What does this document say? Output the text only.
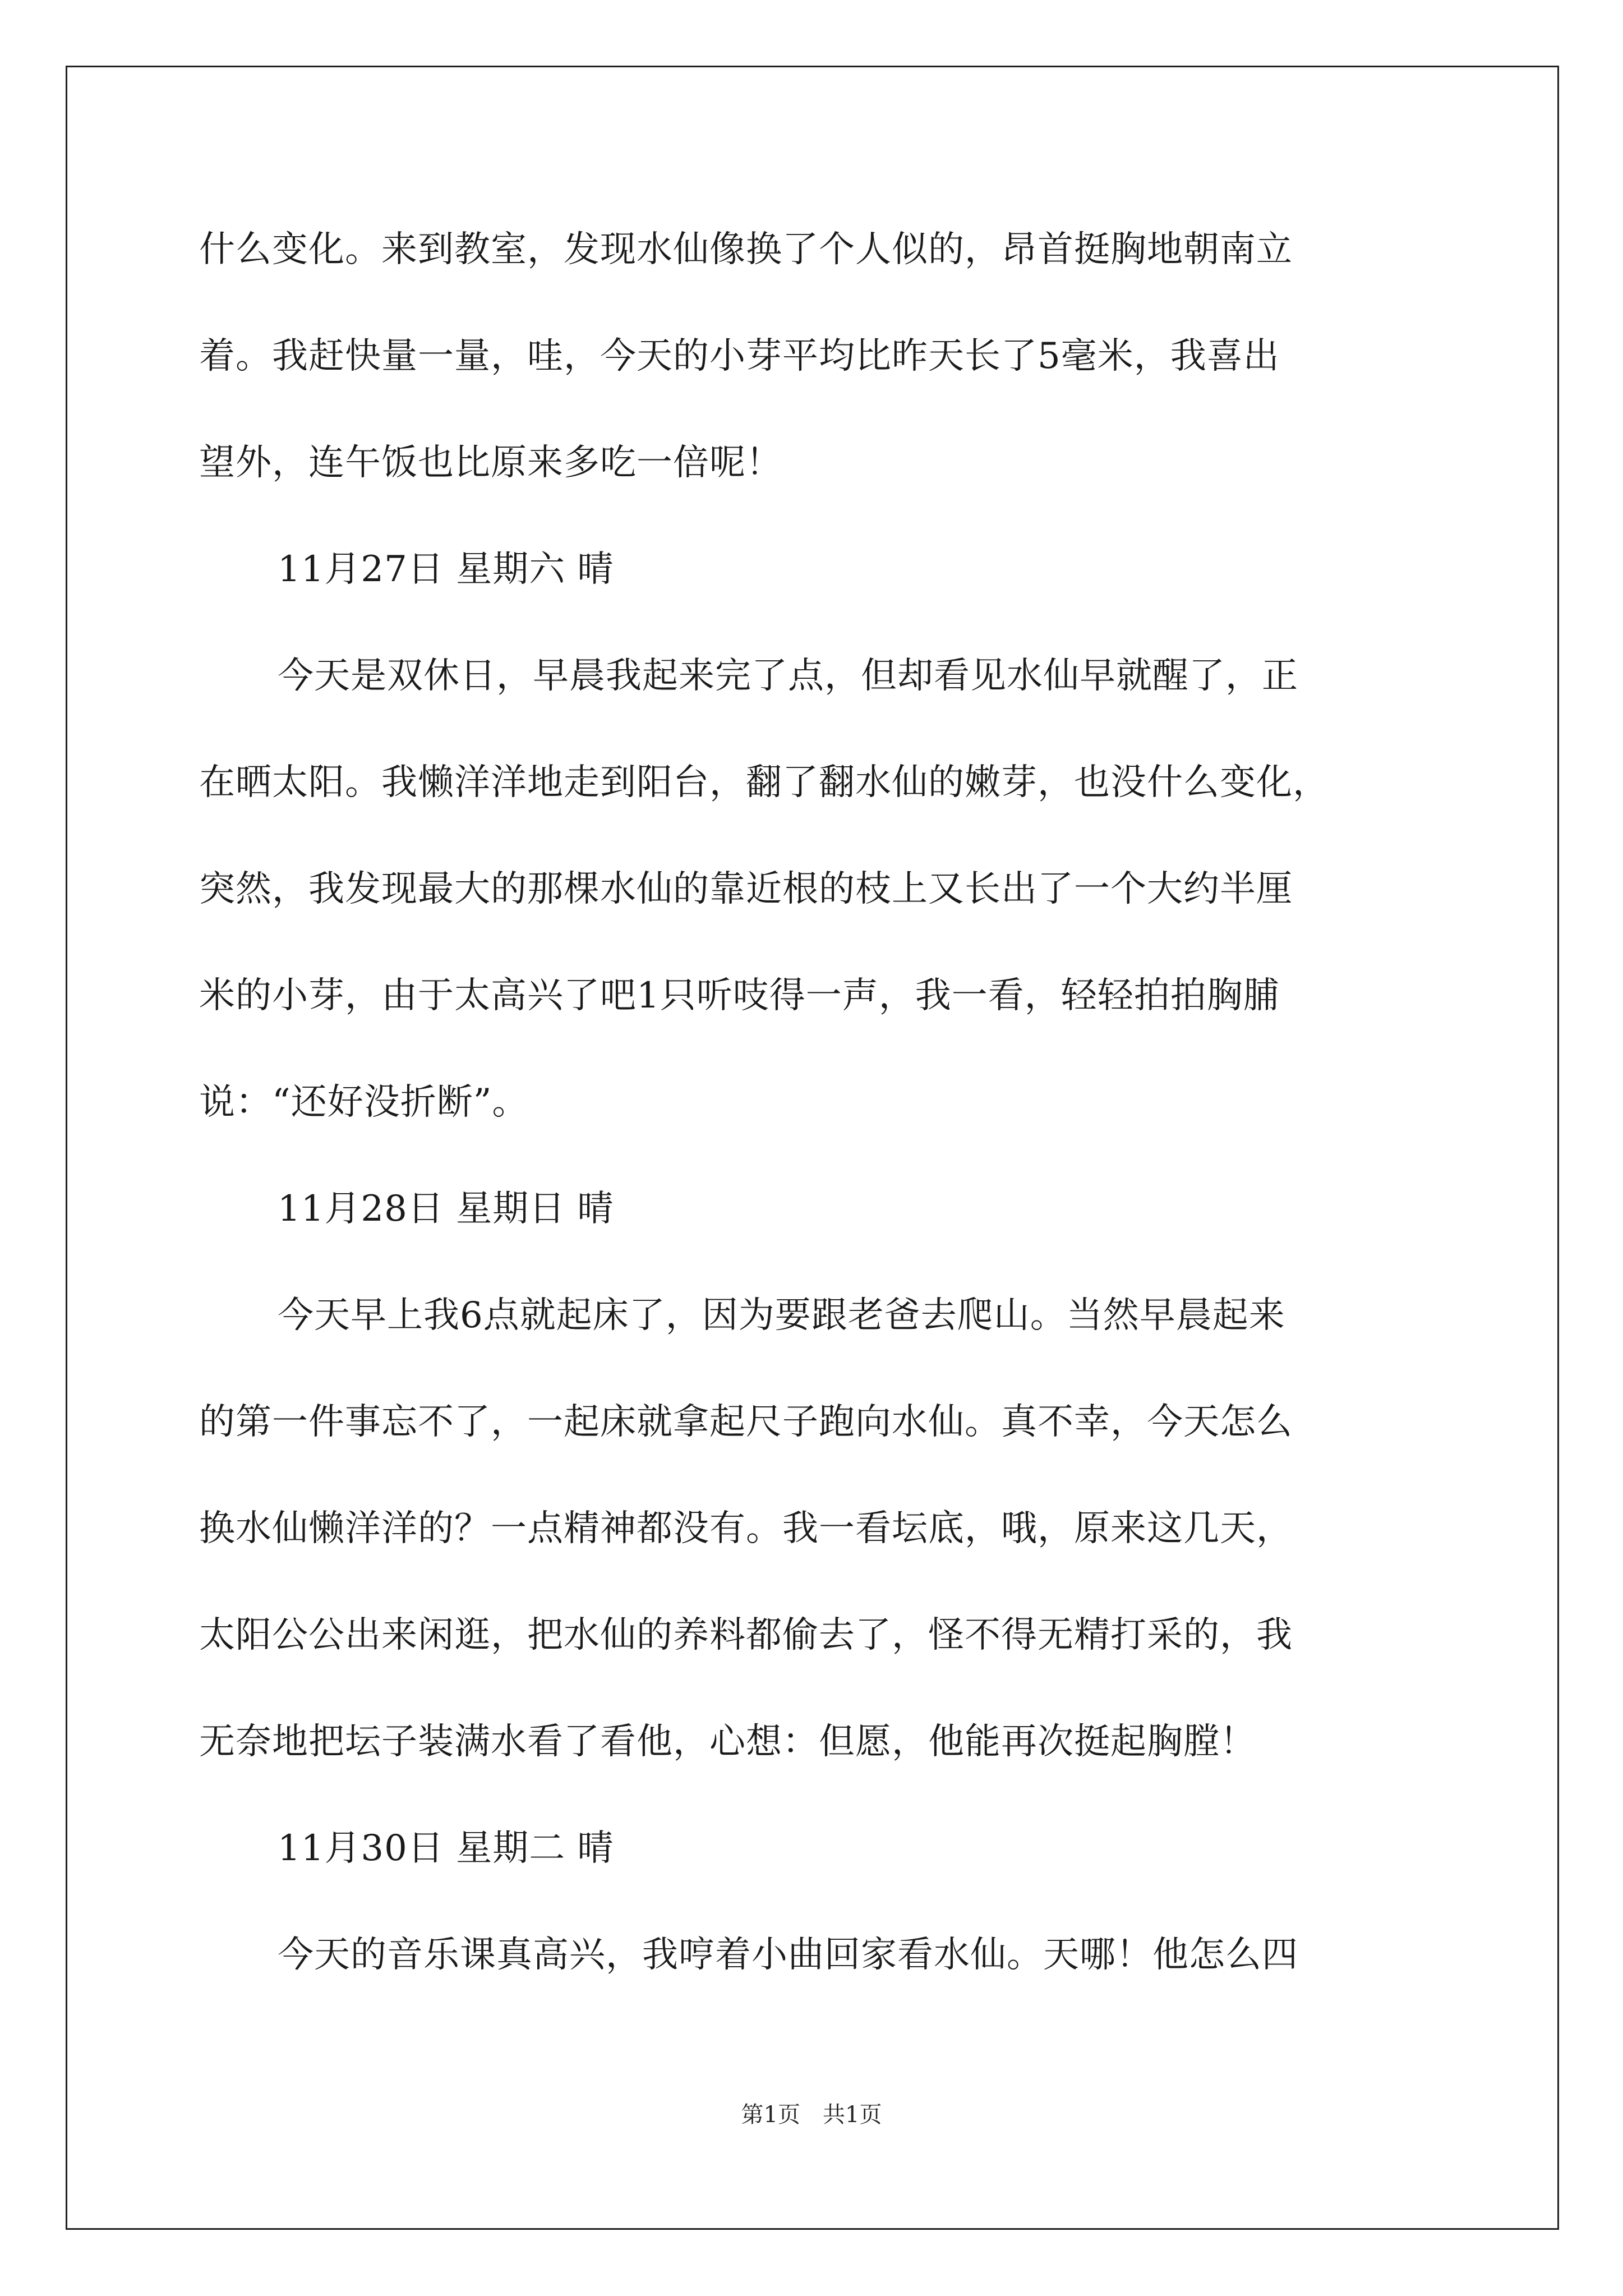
什么变化。来到教室，发现水仙像换了个人似的，昂首挺胸地朝南立
着。我赶快量一量，哇，今天的小芽平均比昨天长了5毫米，我喜出
望外，连午饭也比原来多吃一倍呢！
11月27日 星期六 晴
今天是双休日，早晨我起来完了点，但却看见水仙早就醒了，正
在晒太阳。我懒洋洋地走到阳台，翻了翻水仙的嫩芽，也没什么变化，
突然，我发现最大的那棵水仙的靠近根的枝上又长出了一个大约半厘
米的小芽，由于太高兴了吧1只听吱得一声，我一看，轻轻拍拍胸脯
说：“还好没折断”。
11月28日 星期日 晴
今天早上我6点就起床了，因为要跟老爸去爬山。当然早晨起来
的第一件事忘不了，一起床就拿起尺子跑向水仙。真不幸，今天怎么
换水仙懒洋洋的？一点精神都没有。我一看坛底，哦，原来这几天，
太阳公公出来闲逛，把水仙的养料都偷去了，怪不得无精打采的，我
无奈地把坛子装满水看了看他，心想：但愿，他能再次挺起胸膛！
11月30日 星期二 晴
今天的音乐课真高兴，我哼着小曲回家看水仙。天哪！他怎么四
第1页　共1页
